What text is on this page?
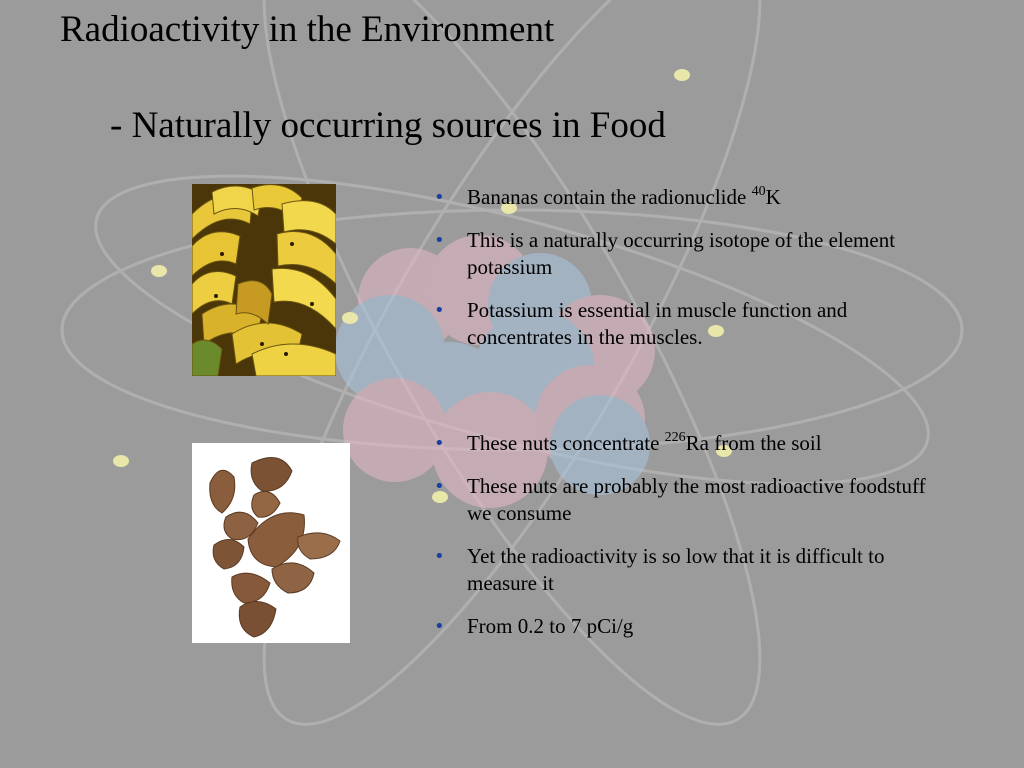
Radioactivity in the Environment
- Naturally occurring sources in Food
• Bananas contain the radionuclide $^{40}$K
• This is a naturally occurring isotope of the element potassium
• Potassium is essential in muscle function and concentrates in the muscles.
• These nuts concentrate $^{226}$Ra from the soil
• These nuts are probably the most radioactive foodstuff we consume
• Yet the radioactivity is so low that it is difficult to measure it
• From 0.2 to 7 pCi/g
